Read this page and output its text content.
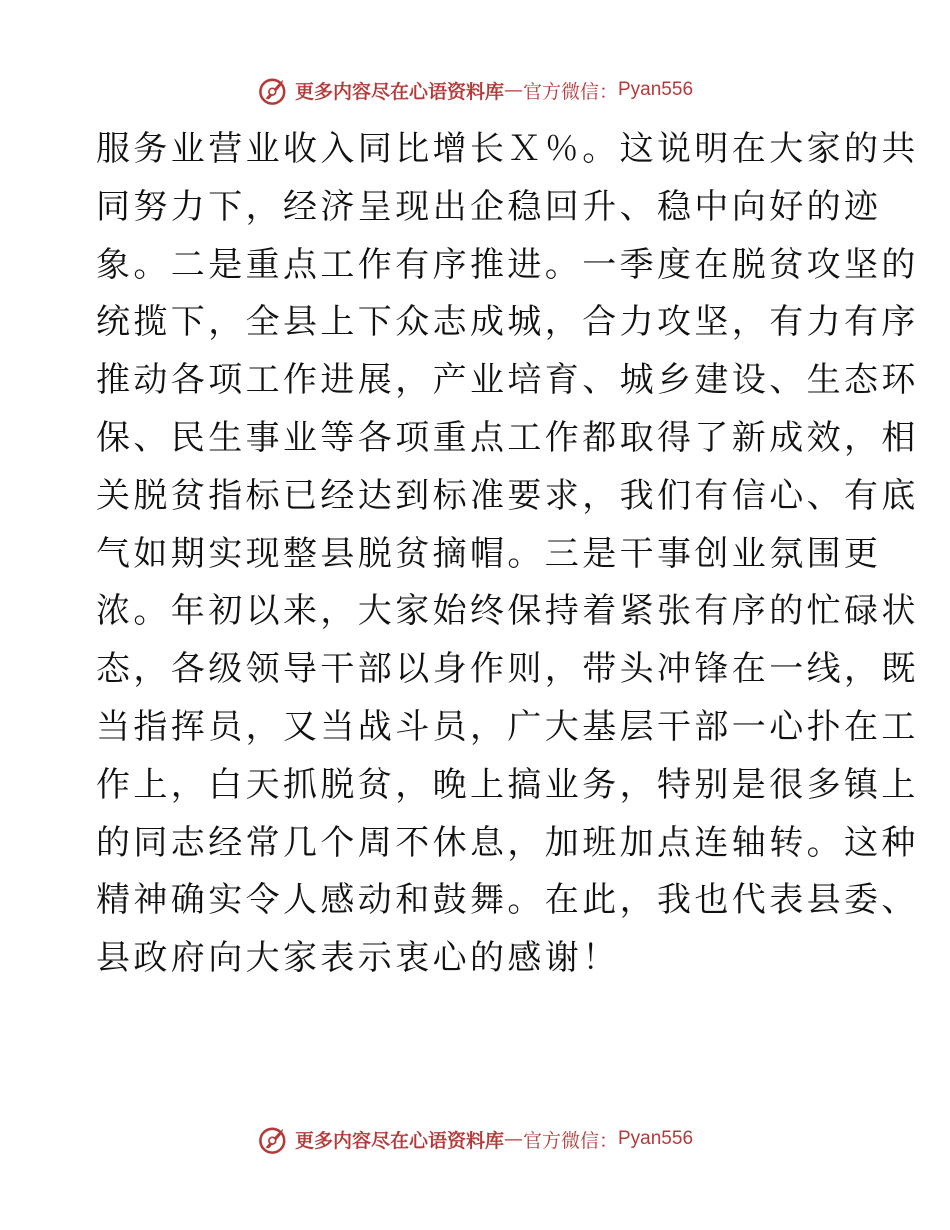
更多内容尽在心语资料库 — 官方微信： Pyan556
服务业营业收入同比增长Ｘ％。这说明在大家的共
同努力下，经济呈现出企稳回升、稳中向好的迹
象。二是重点工作有序推进。一季度在脱贫攻坚的
统揽下，全县上下众志成城，合力攻坚，有力有序
推动各项工作进展，产业培育、城乡建设、生态环
保、民生事业等各项重点工作都取得了新成效，相
关脱贫指标已经达到标准要求，我们有信心、有底
气如期实现整县脱贫摘帽。三是干事创业氛围更
浓。年初以来，大家始终保持着紧张有序的忙碌状
态，各级领导干部以身作则，带头冲锋在一线，既
当指挥员，又当战斗员，广大基层干部一心扑在工
作上，白天抓脱贫，晚上搞业务，特别是很多镇上
的同志经常几个周不休息，加班加点连轴转。这种
精神确实令人感动和鼓舞。在此，我也代表县委、
县政府向大家表示衷心的感谢！
更多内容尽在心语资料库 — 官方微信： Pyan556
